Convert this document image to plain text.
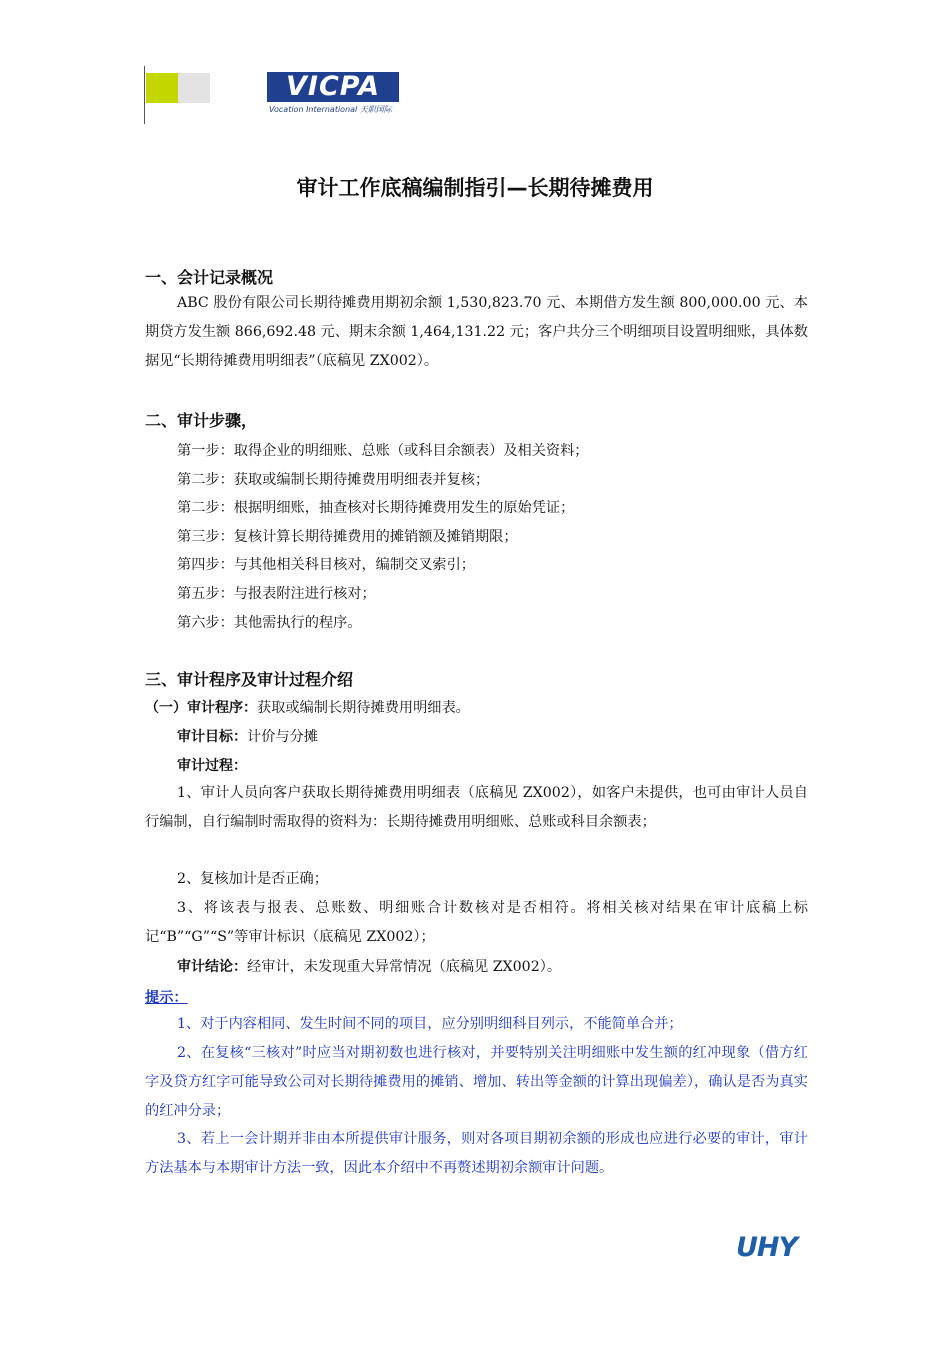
VICPA
Vocation International 天职国际
审计工作底稿编制指引—长期待摊费用
一、会计记录概况
ABC 股份有限公司长期待摊费用期初余额 1,530,823.70 元、本期借方发生额 800,000.00 元、本期贷方发生额 866,692.48 元、期末余额 1,464,131.22 元；客户共分三个明细项目设置明细账，具体数据见“长期待摊费用明细表”（底稿见 ZX002）。
二、审计步骤，
第一步：取得企业的明细账、总账（或科目余额表）及相关资料；
第二步：获取或编制长期待摊费用明细表并复核；
第二步：根据明细账，抽查核对长期待摊费用发生的原始凭证；
第三步：复核计算长期待摊费用的摊销额及摊销期限；
第四步：与其他相关科目核对，编制交叉索引；
第五步：与报表附注进行核对；
第六步：其他需执行的程序。
三、审计程序及审计过程介绍
（一）审计程序：获取或编制长期待摊费用明细表。
审计目标：计价与分摊
审计过程：
1、审计人员向客户获取长期待摊费用明细表（底稿见 ZX002），如客户未提供，也可由审计人员自行编制，自行编制时需取得的资料为：长期待摊费用明细账、总账或科目余额表；
2、复核加计是否正确；
3、将该表与报表、总账数、明细账合计数核对是否相符。将相关核对结果在审计底稿上标记“B”“G”“S”等审计标识（底稿见 ZX002）；
审计结论：经审计，未发现重大异常情况（底稿见 ZX002）。
提示：
1、对于内容相同、发生时间不同的项目，应分别明细科目列示，不能简单合并；
2、在复核“三核对”时应当对期初数也进行核对，并要特别关注明细账中发生额的红冲现象（借方红字及贷方红字可能导致公司对长期待摊费用的摊销、增加、转出等金额的计算出现偏差），确认是否为真实的红冲分录；
3、若上一会计期并非由本所提供审计服务，则对各项目期初余额的形成也应进行必要的审计，审计方法基本与本期审计方法一致，因此本介绍中不再赘述期初余额审计问题。
UHY
